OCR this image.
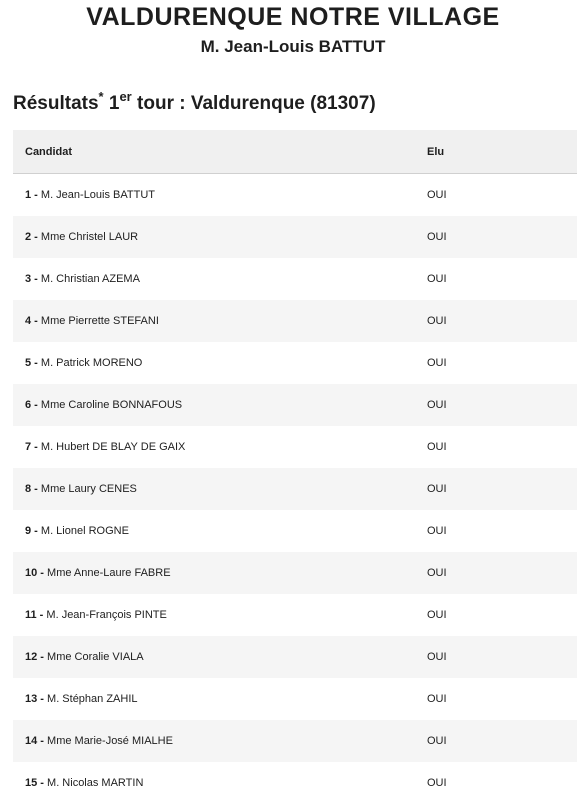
VALDURENQUE NOTRE VILLAGE
M. Jean-Louis BATTUT
Résultats* 1er tour : Valdurenque (81307)
Candidat	Elu
1 - M. Jean-Louis BATTUT	OUI
2 - Mme Christel LAUR	OUI
3 - M. Christian AZEMA	OUI
4 - Mme Pierrette STEFANI	OUI
5 - M. Patrick MORENO	OUI
6 - Mme Caroline BONNAFOUS	OUI
7 - M. Hubert DE BLAY DE GAIX	OUI
8 - Mme Laury CENES	OUI
9 - M. Lionel ROGNE	OUI
10 - Mme Anne-Laure FABRE	OUI
11 - M. Jean-François PINTE	OUI
12 - Mme Coralie VIALA	OUI
13 - M. Stéphan ZAHIL	OUI
14 - Mme Marie-José MIALHE	OUI
15 - M. Nicolas MARTIN	OUI
